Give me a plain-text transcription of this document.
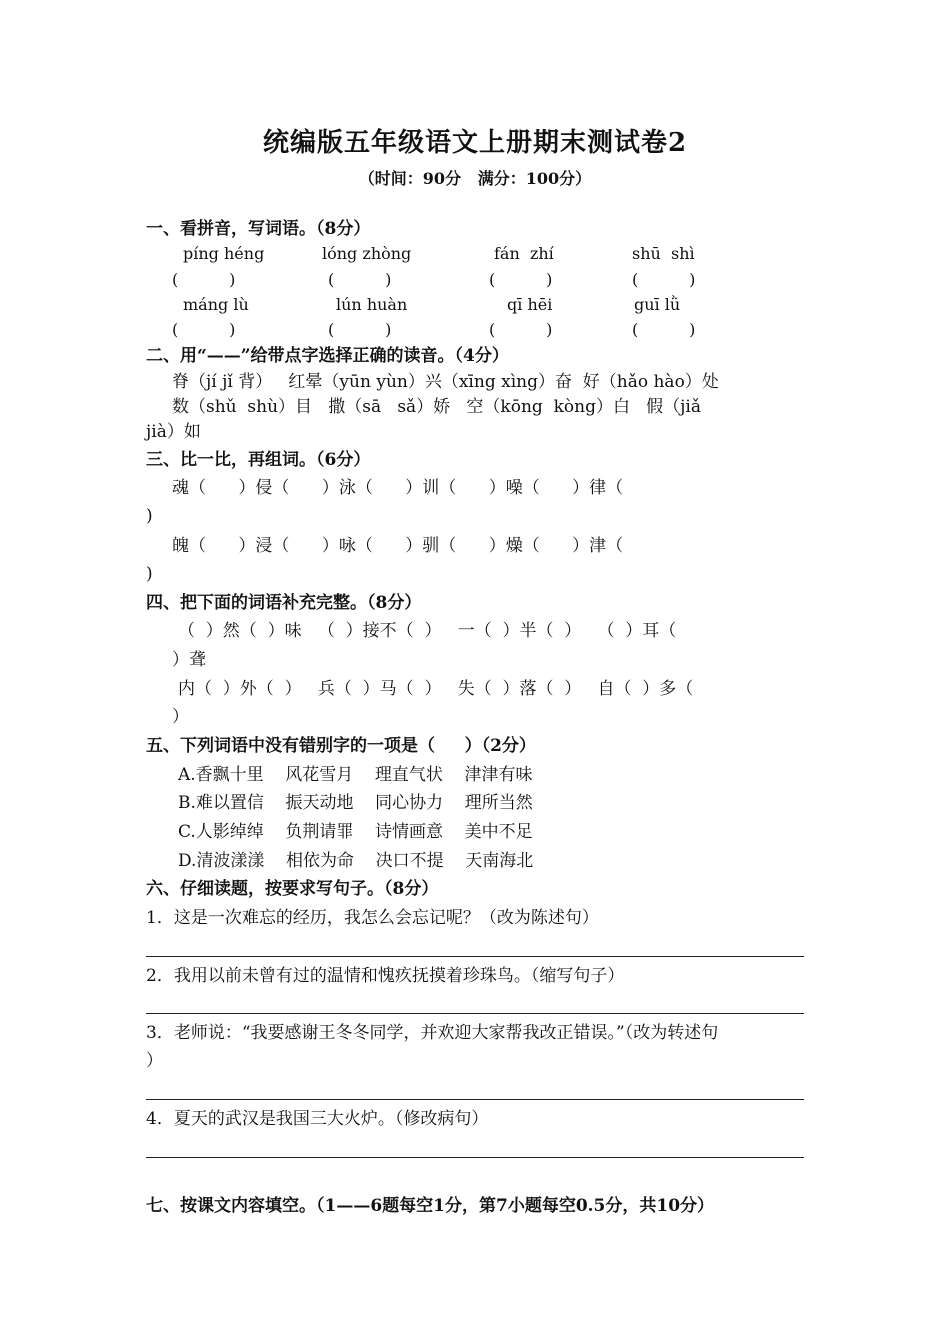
统编版五年级语文上册期末测试卷2
（时间：90分   满分：100分）
一、看拼音，写词语。（8分）
píng héng	lóng zhòng	fán  zhí	shū  shì
(          )	(          )	(          )	(          )
máng lù	lún huàn	qī hēi	guī lǜ
(          )	(          )	(          )	(          )
二、用“——”给带点字选择正确的读音。（4分）
脊（jí jǐ 背）   红晕（yūn yùn）兴（xīng xìng）奋  好（hǎo hào）处
数（shǔ  shù）目   撒（sā   sǎ）娇   空（kōng  kòng）白   假（jiǎ
jià）如
三、比一比，再组词。（6分）
魂（      ）侵（      ）泳（      ）训（      ）噪（      ）律（
)
魄（      ）浸（      ）咏（      ）驯（      ）燥（      ）津（
)
四、把下面的词语补充完整。（8分）
（  ）然（  ）味   （  ）接不（  ）   一（  ）半（  ）   （  ）耳（
）聋
内（  ）外（  ）   兵（  ）马（  ）   失（  ）落（  ）   自（  ）多（
）
五、下列词语中没有错别字的一项是（     ）（2分）
A.香飘十里    风花雪月    理直气状    津津有味
B.难以置信    振天动地    同心协力    理所当然
C.人影绰绰    负荆请罪    诗情画意    美中不足
D.清波漾漾    相依为命    决口不提    天南海北
六、仔细读题，按要求写句子。（8分）
1．这是一次难忘的经历，我怎么会忘记呢？（改为陈述句）
2．我用以前未曾有过的温情和愧疚抚摸着珍珠鸟。（缩写句子）
3．老师说：“我要感谢王冬冬同学，并欢迎大家帮我改正错误。”（改为转述句
）
4．夏天的武汉是我国三大火炉。（修改病句）
七、按课文内容填空。（1——6题每空1分，第7小题每空0.5分，共10分）
